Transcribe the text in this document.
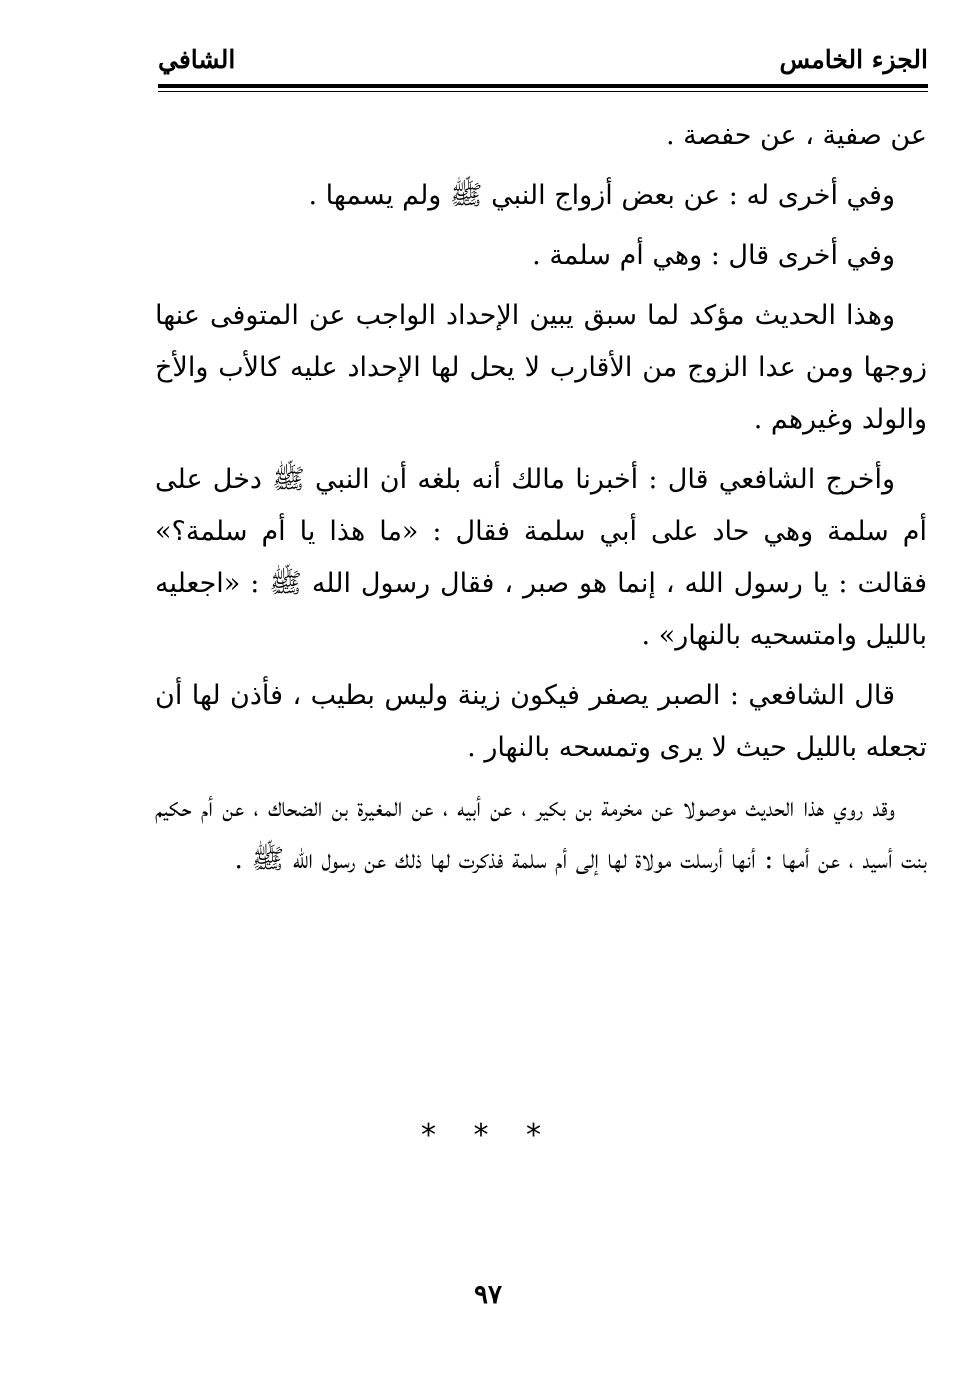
الشافي	الجزء الخامس

عن صفية ، عن حفصة .

وفي أخرى له : عن بعض أزواج النبي ﷺ ولم يسمها .

وفي أخرى قال : وهي أم سلمة .

وهذا الحديث مؤكد لما سبق يبين الإحداد الواجب عن المتوفى عنها زوجها ومن عدا الزوج من الأقارب لا يحل لها الإحداد عليه كالأب والأخ والولد وغيرهم .

وأخرج الشافعي قال : أخبرنا مالك أنه بلغه أن النبي ﷺ دخل على أم سلمة وهي حاد على أبي سلمة فقال : «ما هذا يا أم سلمة؟» فقالت : يا رسول الله ، إنما هو صبر ، فقال رسول الله ﷺ : «اجعليه بالليل وامتسحيه بالنهار» .

قال الشافعي : الصبر يصفر فيكون زينة وليس بطيب ، فأذن لها أن تجعله بالليل حيث لا يرى وتمسحه بالنهار .

وقد روي هذا الحديث موصولا عن مخرمة بن بكير ، عن أبيه ، عن المغيرة بن الضحاك ، عن أم حكيم بنت أسيد ، عن أمها : أنها أرسلت مولاة لها إلى أم سلمة فذكرت لها ذلك عن رسول الله ﷺ .

* * *
٩٧
